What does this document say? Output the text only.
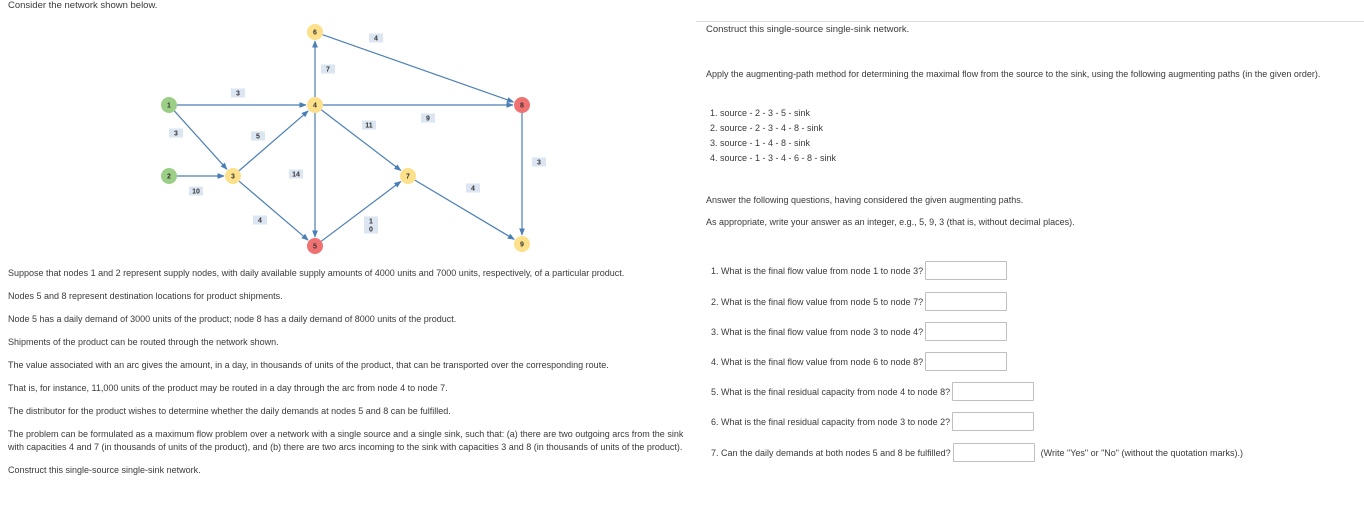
Consider the network shown below.

3
3
10
5
4
7
14
9
11
4
1 0
4
3
1
2	3
4
5
6
7
8
9

Suppose that nodes 1 and 2 represent supply nodes, with daily available supply amounts of 4000 units and 7000 units, respectively, of a particular product.

Nodes 5 and 8 represent destination locations for product shipments.

Node 5 has a daily demand of 3000 units of the product; node 8 has a daily demand of 8000 units of the product.

Shipments of the product can be routed through the network shown.

The value associated with an arc gives the amount, in a day, in thousands of units of the product, that can be transported over the corresponding route.

That is, for instance, 11,000 units of the product may be routed in a day through the arc from node 4 to node 7.

The distributor for the product wishes to determine whether the daily demands at nodes 5 and 8 can be fulfilled.

The problem can be formulated as a maximum flow problem over a network with a single source and a single sink, such that: (a) there are two outgoing arcs from the sink with capacities 4 and 7 (in thousands of units of the product), and (b) there are two arcs incoming to the sink with capacities 3 and 8 (in thousands of units of the product).

Construct this single-source single-sink network.

Construct this single-source single-sink network.

Apply the augmenting-path method for determining the maximal flow from the source to the sink, using the following augmenting paths (in the given order).

1. source - 2 - 3 - 5 - sink
2. source - 2 - 3 - 4 - 8 - sink
3. source - 1 - 4 - 8 - sink
4. source - 1 - 3 - 4 - 6 - 8 - sink

Answer the following questions, having considered the given augmenting paths.

As appropriate, write your answer as an integer, e.g., 5, 9, 3 (that is, without decimal places).

1. What is the final flow value from node 1 to node 3?
2. What is the final flow value from node 5 to node 7?
3. What is the final flow value from node 3 to node 4?
4. What is the final flow value from node 6 to node 8?
5. What is the final residual capacity from node 4 to node 8?
6. What is the final residual capacity from node 3 to node 2?
7. Can the daily demands at both nodes 5 and 8 be fulfilled?	(Write "Yes" or "No" (without the quotation marks).)
